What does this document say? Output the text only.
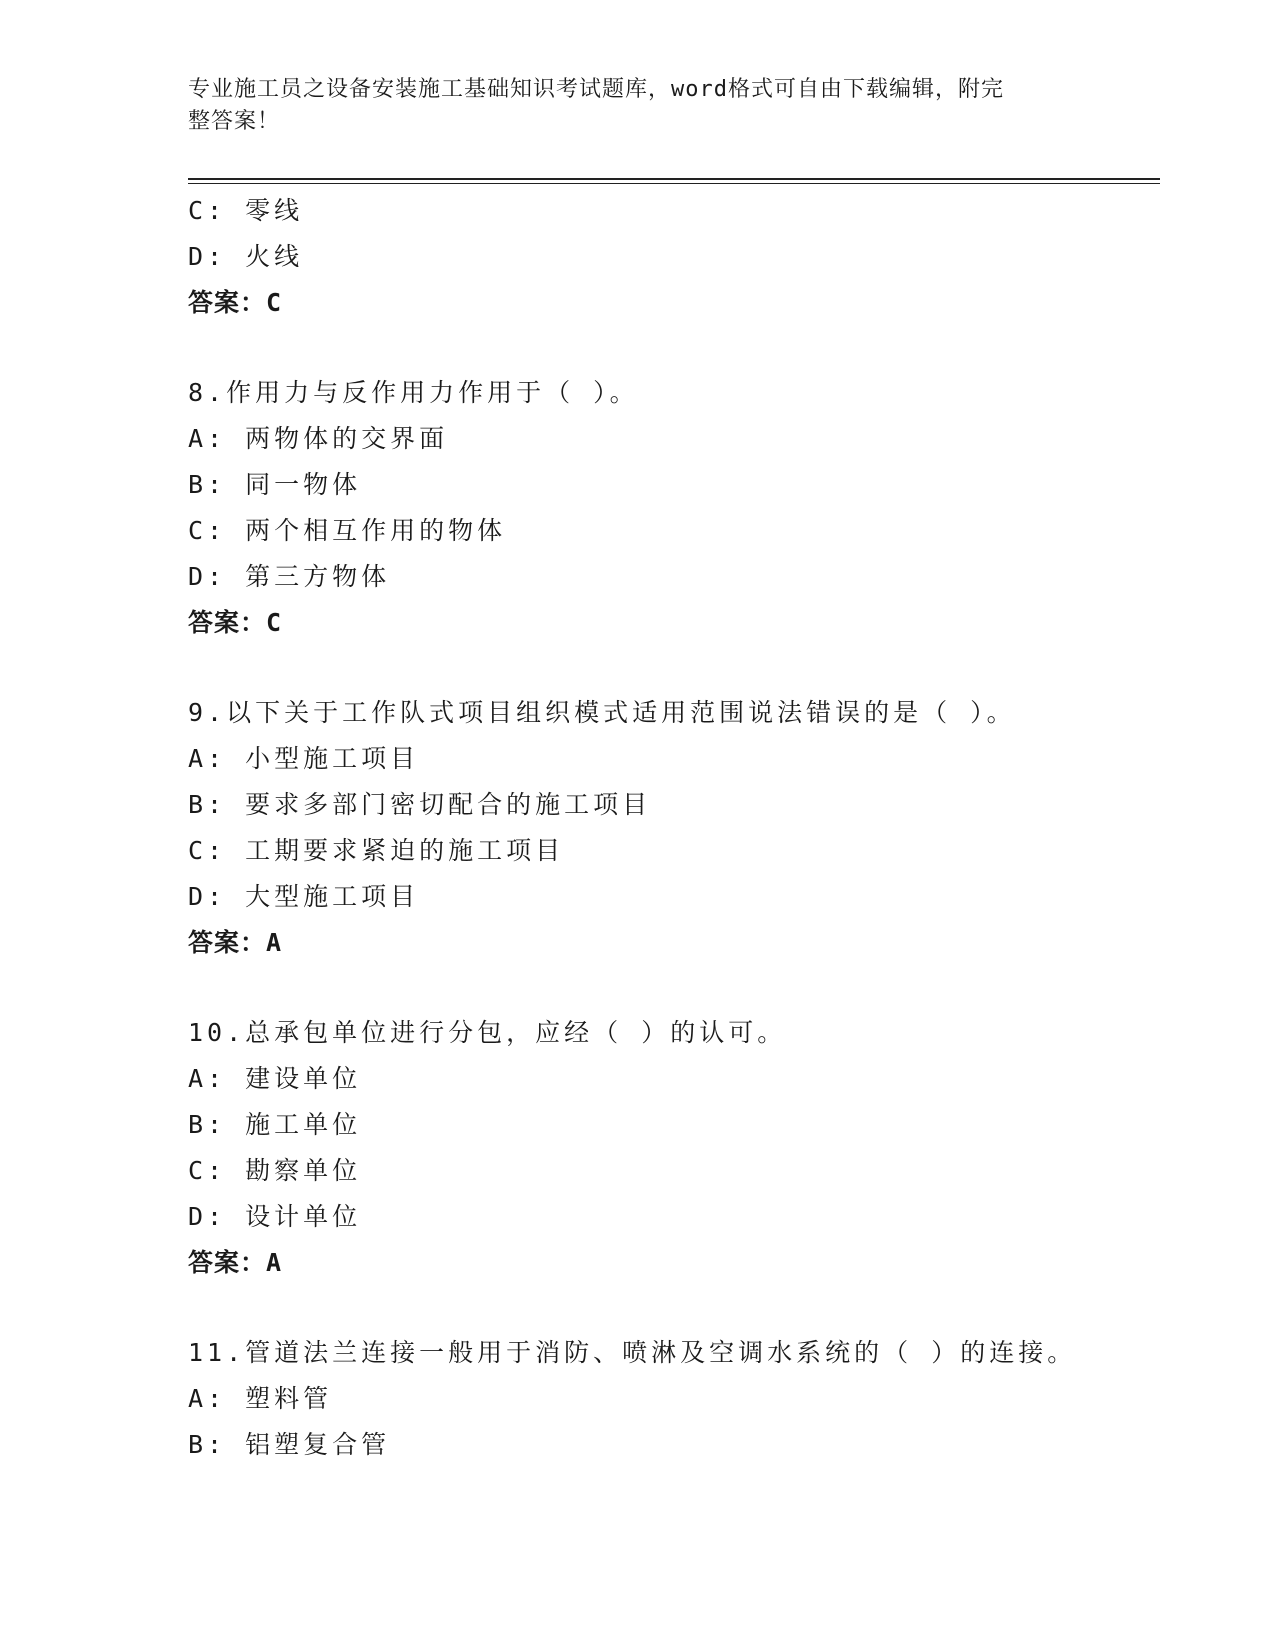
专业施工员之设备安装施工基础知识考试题库，word格式可自由下载编辑，附完
整答案！
C: 零线
D: 火线
答案：C
8.作用力与反作用力作用于（ ）。
A: 两物体的交界面
B: 同一物体
C: 两个相互作用的物体
D: 第三方物体
答案：C
9.以下关于工作队式项目组织模式适用范围说法错误的是（ ）。
A: 小型施工项目
B: 要求多部门密切配合的施工项目
C: 工期要求紧迫的施工项目
D: 大型施工项目
答案：A
10.总承包单位进行分包，应经（ ）的认可。
A: 建设单位
B: 施工单位
C: 勘察单位
D: 设计单位
答案：A
11.管道法兰连接一般用于消防、喷淋及空调水系统的（ ）的连接。
A: 塑料管
B: 铝塑复合管
